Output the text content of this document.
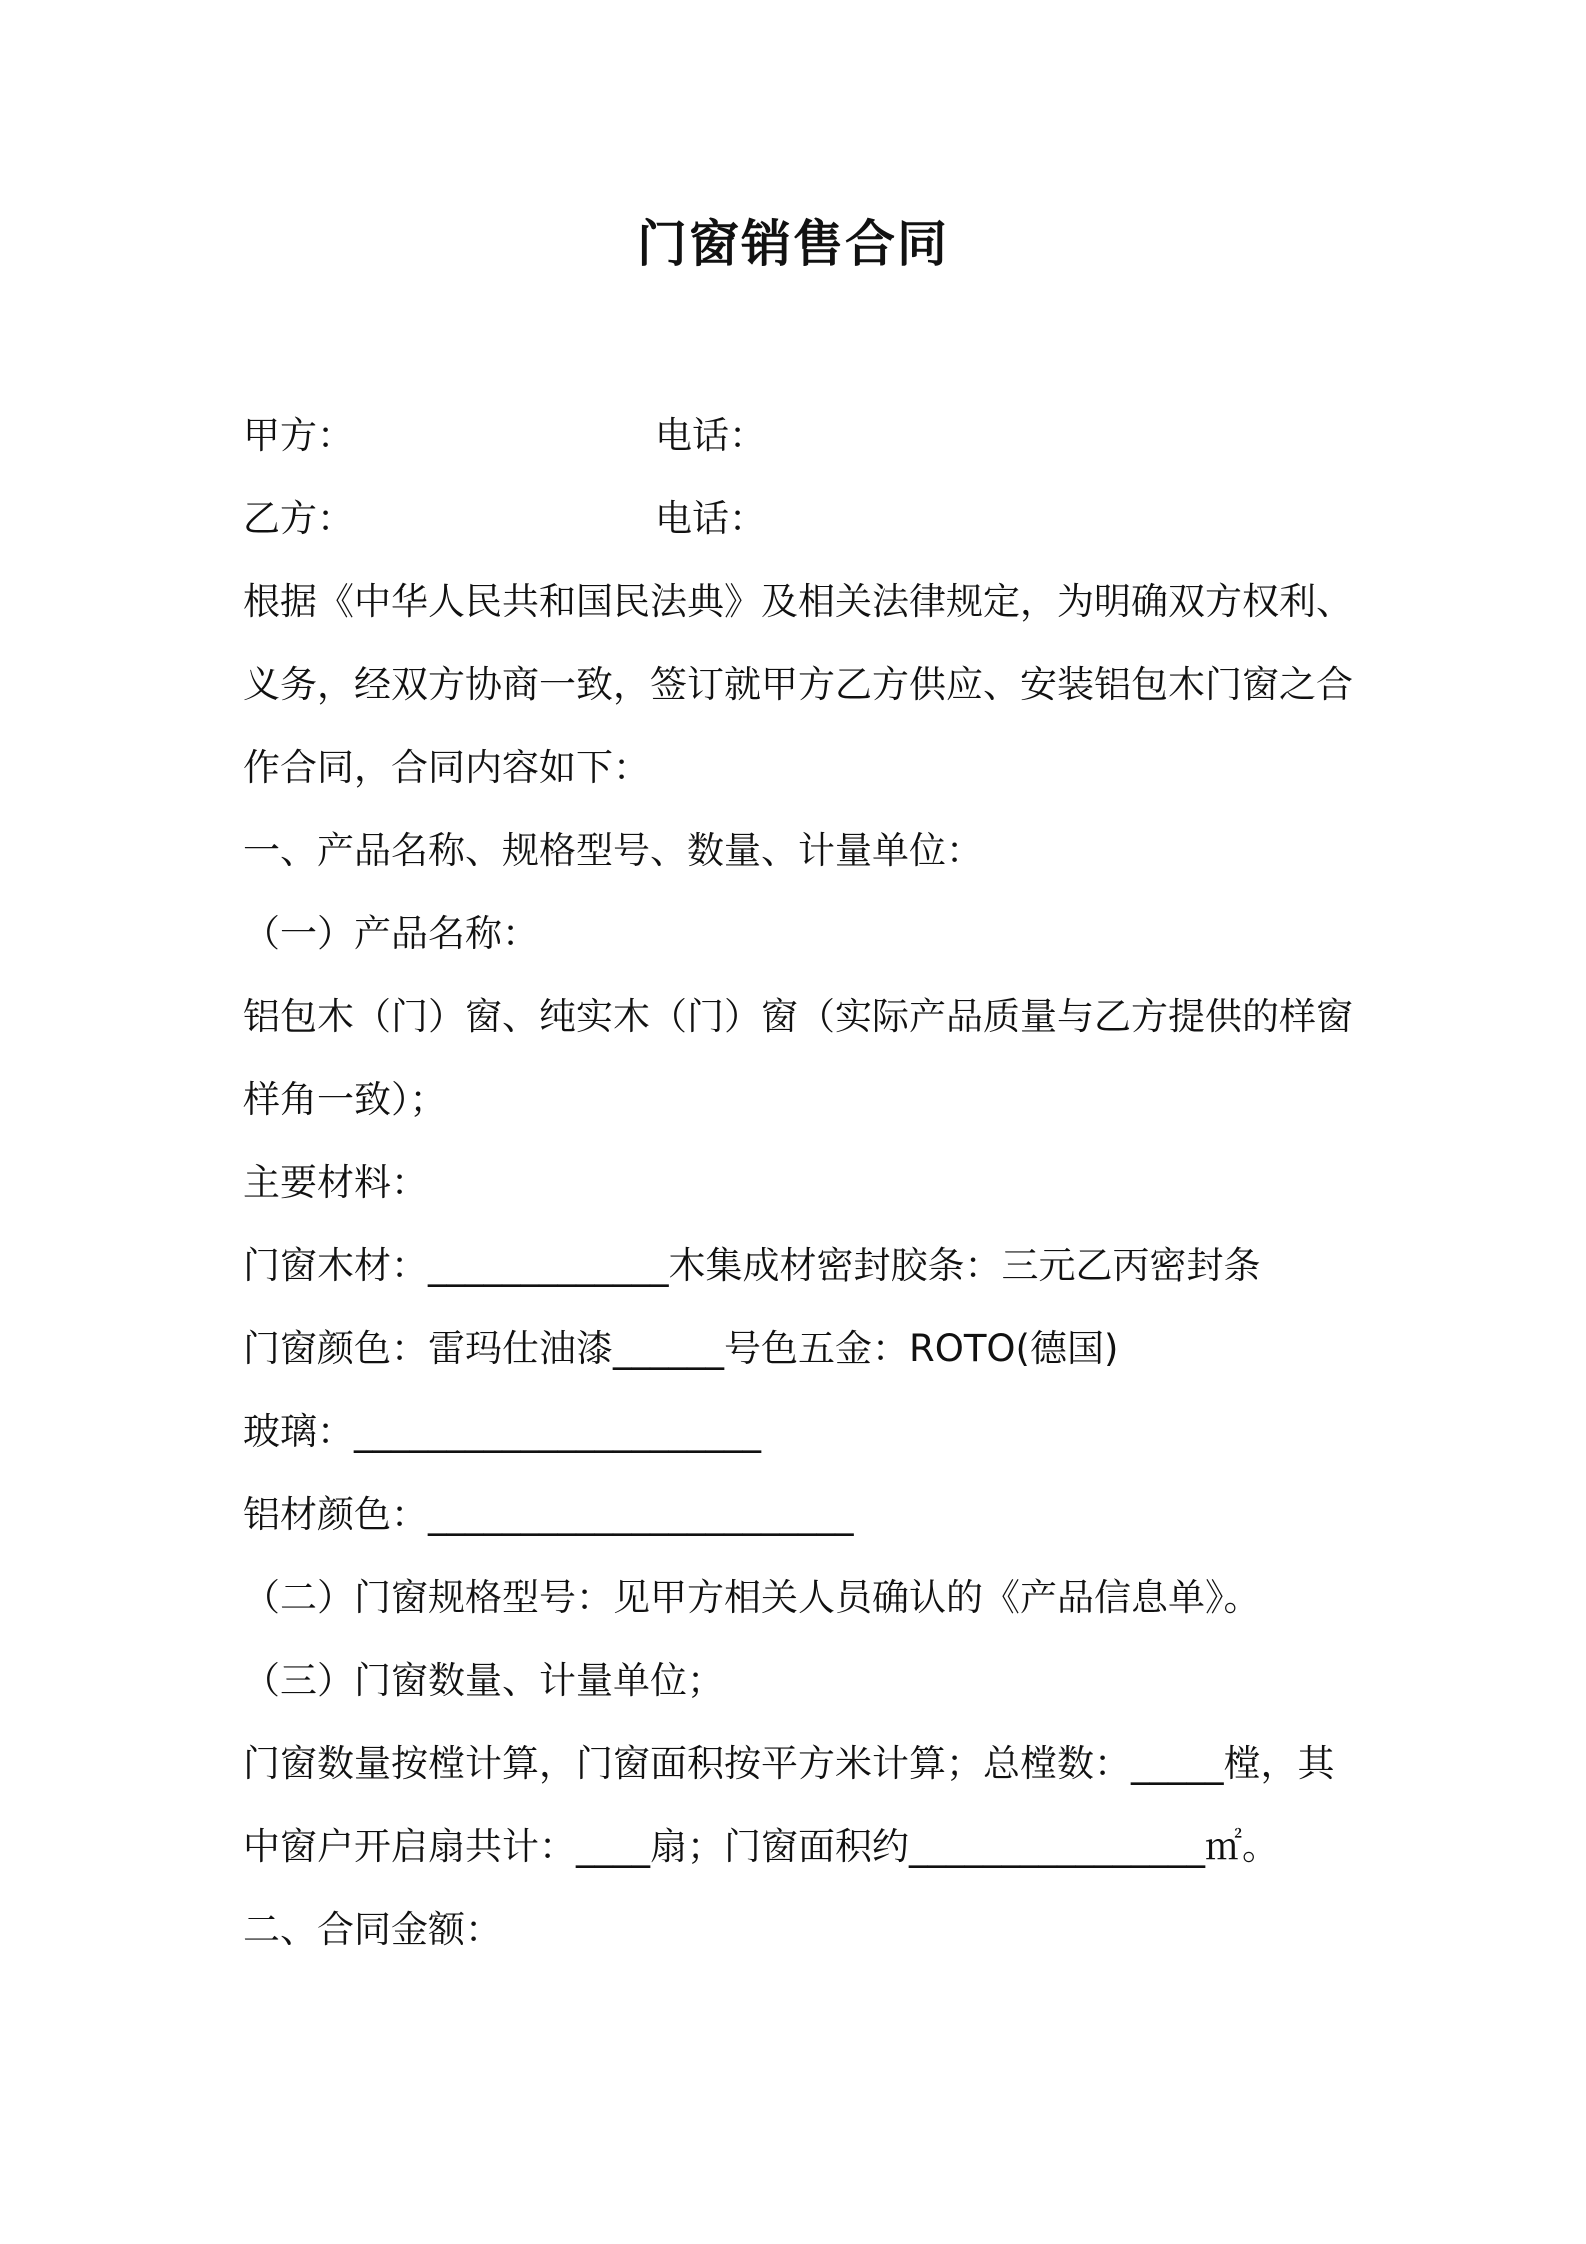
门窗销售合同
甲方：	电话：
乙方：	电话：
根据《中华人民共和国民法典》及相关法律规定，为明确双方权利、
义务，经双方协商一致，签订就甲方乙方供应、安装铝包木门窗之合
作合同，合同内容如下：
一、产品名称、规格型号、数量、计量单位：
（一）产品名称：
铝包木（门）窗、纯实木（门）窗（实际产品质量与乙方提供的样窗
样角一致）；
主要材料：
门窗木材：_____________木集成材密封胶条：三元乙丙密封条
门窗颜色：雷玛仕油漆______号色五金：ROTO(德国)
玻璃：______________________
铝材颜色：_______________________
（二）门窗规格型号：见甲方相关人员确认的《产品信息单》。
（三）门窗数量、计量单位；
门窗数量按樘计算，门窗面积按平方米计算；总樘数：_____樘，其
中窗户开启扇共计：____扇；门窗面积约________________㎡。
二、合同金额：
